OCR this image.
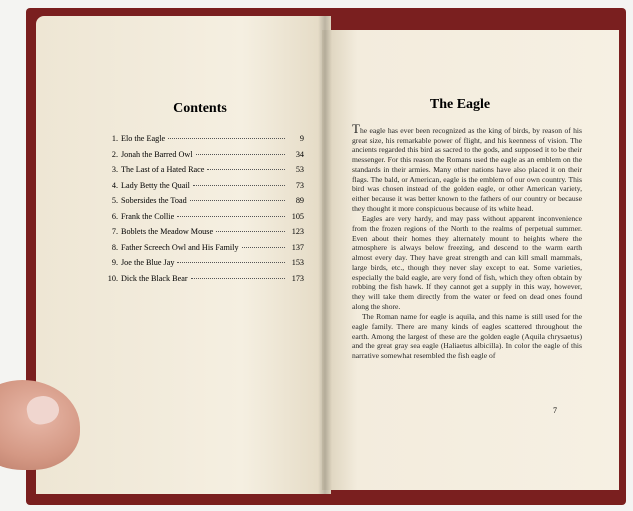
Contents
1. Elo the Eagle	9
2. Jonah the Barred Owl	34
3. The Last of a Hated Race	53
4. Lady Betty the Quail	73
5. Sobersides the Toad	89
6. Frank the Collie	105
7. Boblets the Meadow Mouse	123
8. Father Screech Owl and His Family	137
9. Joe the Blue Jay	153
10. Dick the Black Bear	173
The Eagle

The eagle has ever been recognized as the king of birds, by reason of his great size, his remarkable power of flight, and his keenness of vision. The ancients regarded this bird as sacred to the gods, and supposed it to be their messenger. For this reason the Romans used the eagle as an emblem on the standards in their armies. Many other nations have also placed it on their flags. The bald, or American, eagle is the emblem of our own country. This bird was chosen instead of the golden eagle, or other American variety, either because it was better known to the fathers of our country or because they thought it more conspicuous because of its white head.

Eagles are very hardy, and may pass without apparent inconvenience from the frozen regions of the North to the realms of perpetual summer. Even about their homes they alternately mount to heights where the atmosphere is always below freezing, and descend to the warm earth almost every day. They have great strength and can kill small mammals, large birds, etc., though they never slay except to eat. Some varieties, especially the bald eagle, are very fond of fish, which they often obtain by robbing the fish hawk. If they cannot get a supply in this way, however, they will take them directly from the water or feed on dead ones found along the shore.

The Roman name for eagle is aquila, and this name is still used for the eagle family. There are many kinds of eagles scattered throughout the earth. Among the largest of these are the golden eagle (Aquila chrysaetus) and the great gray sea eagle (Haliaetus albicilla). In color the eagle of this narrative somewhat resembled the fish eagle of

7
